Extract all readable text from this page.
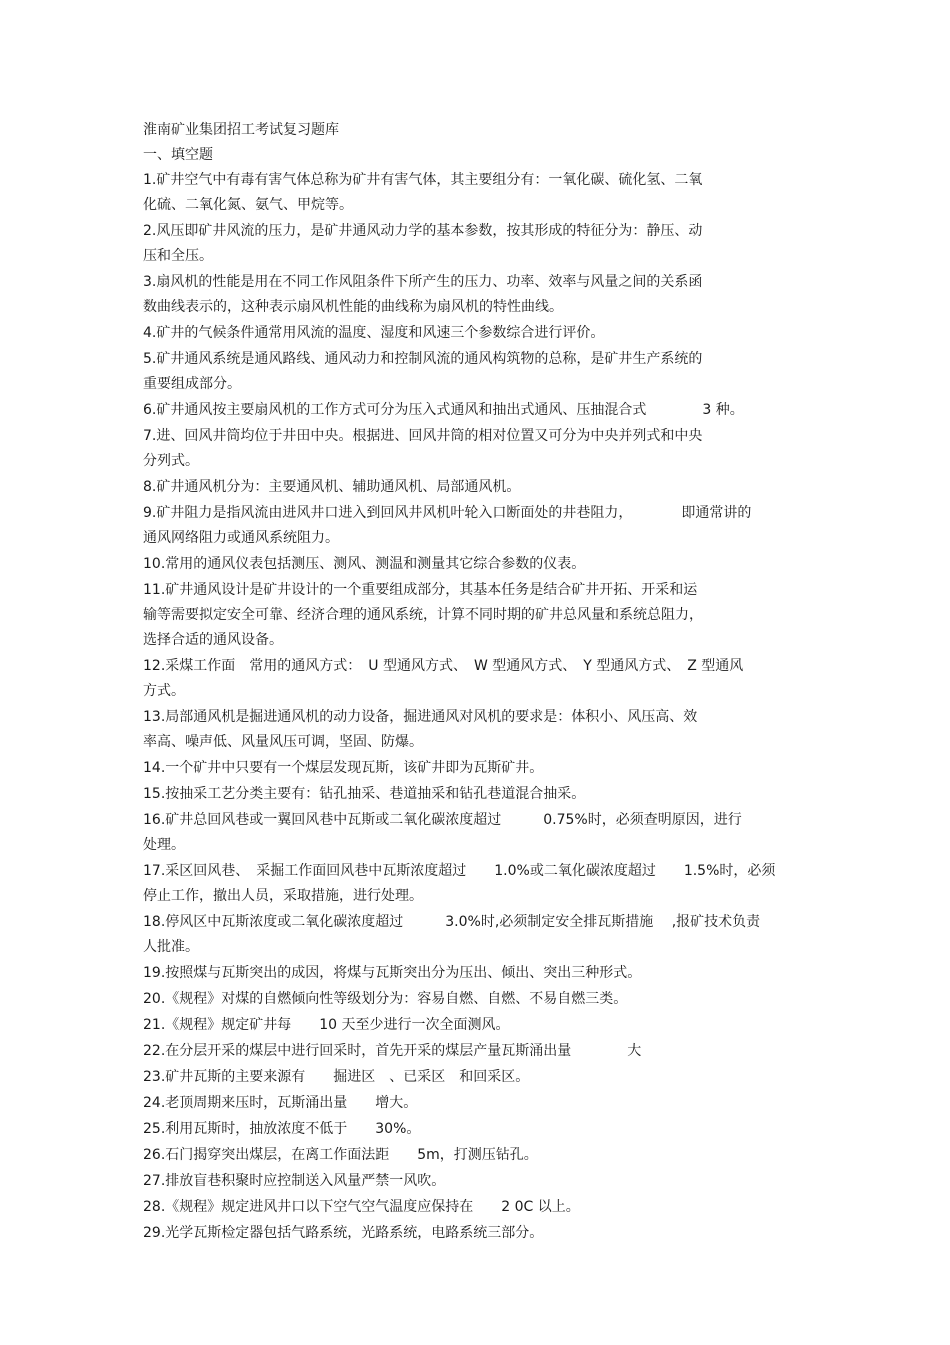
淮南矿业集团招工考试复习题库
一、填空题
1.矿井空气中有毒有害气体总称为矿井有害气体，其主要组分有：一氧化碳、硫化氢、二氧
化硫、二氧化氮、氨气、甲烷等。
2.风压即矿井风流的压力，是矿井通风动力学的基本参数，按其形成的特征分为：静压、动
压和全压。
3.扇风机的性能是用在不同工作风阻条件下所产生的压力、功率、效率与风量之间的关系函
数曲线表示的，这种表示扇风机性能的曲线称为扇风机的特性曲线。
4.矿井的气候条件通常用风流的温度、湿度和风速三个参数综合进行评价。
5.矿井通风系统是通风路线、通风动力和控制风流的通风构筑物的总称，是矿井生产系统的
重要组成部分。
6.矿井通风按主要扇风机的工作方式可分为压入式通风和抽出式通风、压抽混合式　　　　3 种。
7.进、回风井筒均位于井田中央。根据进、回风井筒的相对位置又可分为中央并列式和中央
分列式。
8.矿井通风机分为：主要通风机、辅助通风机、局部通风机。
9.矿井阻力是指风流由进风井口进入到回风井风机叶轮入口断面处的井巷阻力，　　　　即通常讲的
通风网络阻力或通风系统阻力。
10.常用的通风仪表包括测压、测风、测温和测量其它综合参数的仪表。
11.矿井通风设计是矿井设计的一个重要组成部分，其基本任务是结合矿井开拓、开采和运
输等需要拟定安全可靠、经济合理的通风系统，计算不同时期的矿井总风量和系统总阻力，
选择合适的通风设备。
12.采煤工作面　常用的通风方式：　U 型通风方式、　W 型通风方式、　Y 型通风方式、　Z 型通风
方式。
13.局部通风机是掘进通风机的动力设备，掘进通风对风机的要求是：体积小、风压高、效
率高、噪声低、风量风压可调，坚固、防爆。
14.一个矿井中只要有一个煤层发现瓦斯，该矿井即为瓦斯矿井。
15.按抽采工艺分类主要有：钻孔抽采、巷道抽采和钻孔巷道混合抽采。
16.矿井总回风巷或一翼回风巷中瓦斯或二氧化碳浓度超过　　　0.75%时，必须查明原因，进行
处理。
17.采区回风巷、　采掘工作面回风巷中瓦斯浓度超过　　1.0%或二氧化碳浓度超过　　1.5%时，必须
停止工作，撤出人员，采取措施，进行处理。
18.停风区中瓦斯浓度或二氧化碳浓度超过　　　3.0%时,必须制定安全排瓦斯措施　 ,报矿技术负责
人批准。
19.按照煤与瓦斯突出的成因，将煤与瓦斯突出分为压出、倾出、突出三种形式。
20.《规程》对煤的自燃倾向性等级划分为：容易自燃、自燃、不易自燃三类。
21.《规程》规定矿井每　　10 天至少进行一次全面测风。
22.在分层开采的煤层中进行回采时，首先开采的煤层产量瓦斯涌出量　　　　大
23.矿井瓦斯的主要来源有　　掘进区　、已采区　和回采区。
24.老顶周期来压时，瓦斯涌出量　　增大。
25.利用瓦斯时，抽放浓度不低于　　30%。
26.石门揭穿突出煤层，在离工作面法距　　5m，打测压钻孔。
27.排放盲巷积聚时应控制送入风量严禁一风吹。
28.《规程》规定进风井口以下空气空气温度应保持在　　2 0C 以上。
29.光学瓦斯检定器包括气路系统，光路系统，电路系统三部分。
